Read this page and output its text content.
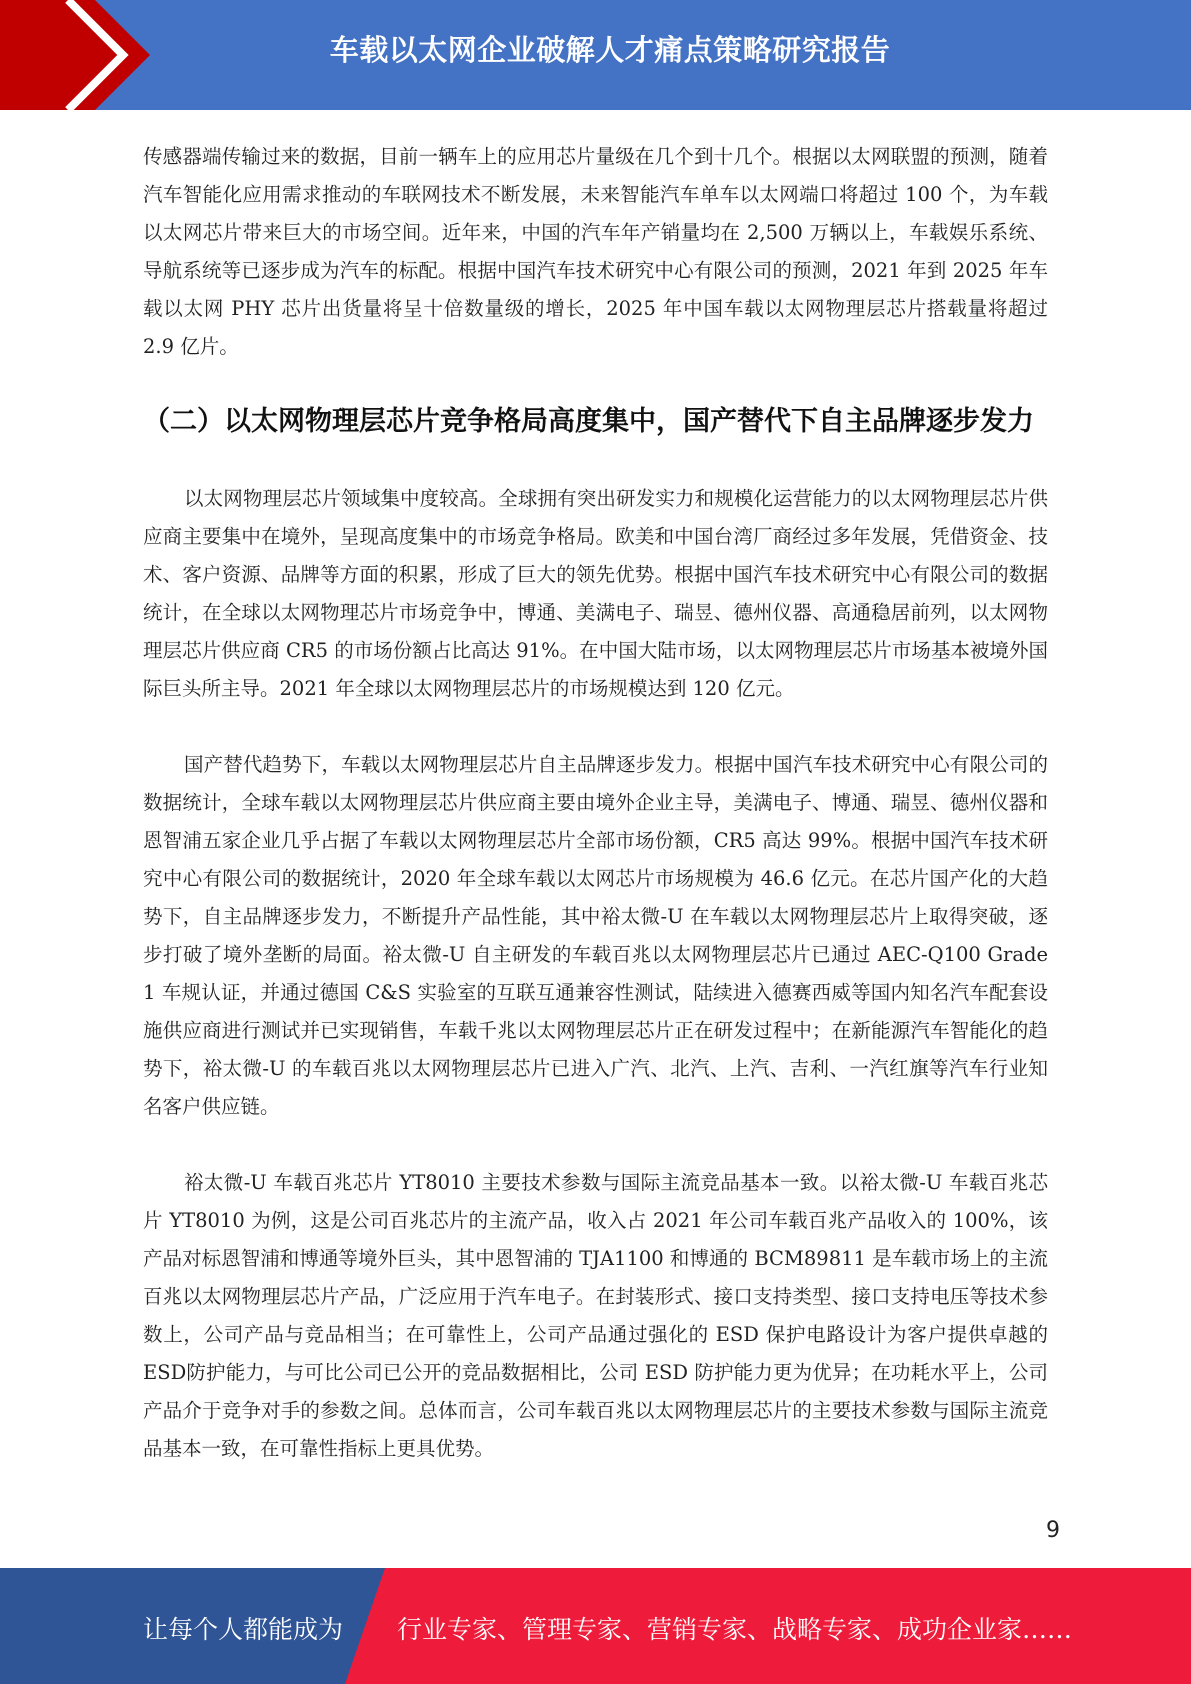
车载以太网企业破解人才痛点策略研究报告

传感器端传输过来的数据，目前一辆车上的应用芯片量级在几个到十几个。根据以太网联盟的预测，随着汽车智能化应用需求推动的车联网技术不断发展，未来智能汽车单车以太网端口将超过 100 个，为车载以太网芯片带来巨大的市场空间。近年来，中国的汽车年产销量均在 2,500 万辆以上，车载娱乐系统、导航系统等已逐步成为汽车的标配。根据中国汽车技术研究中心有限公司的预测，2021 年到 2025 年车载以太网 PHY 芯片出货量将呈十倍数量级的增长，2025 年中国车载以太网物理层芯片搭载量将超过 2.9 亿片。

（二）以太网物理层芯片竞争格局高度集中，国产替代下自主品牌逐步发力

以太网物理层芯片领域集中度较高。全球拥有突出研发实力和规模化运营能力的以太网物理层芯片供应商主要集中在境外，呈现高度集中的市场竞争格局。欧美和中国台湾厂商经过多年发展，凭借资金、技术、客户资源、品牌等方面的积累，形成了巨大的领先优势。根据中国汽车技术研究中心有限公司的数据统计，在全球以太网物理芯片市场竞争中，博通、美满电子、瑞昱、德州仪器、高通稳居前列，以太网物理层芯片供应商 CR5 的市场份额占比高达 91%。在中国大陆市场，以太网物理层芯片市场基本被境外国际巨头所主导。2021 年全球以太网物理层芯片的市场规模达到 120 亿元。

国产替代趋势下，车载以太网物理层芯片自主品牌逐步发力。根据中国汽车技术研究中心有限公司的数据统计，全球车载以太网物理层芯片供应商主要由境外企业主导，美满电子、博通、瑞昱、德州仪器和恩智浦五家企业几乎占据了车载以太网物理层芯片全部市场份额，CR5 高达 99%。根据中国汽车技术研究中心有限公司的数据统计，2020 年全球车载以太网芯片市场规模为 46.6 亿元。在芯片国产化的大趋势下，自主品牌逐步发力，不断提升产品性能，其中裕太微-U 在车载以太网物理层芯片上取得突破，逐步打破了境外垄断的局面。裕太微-U 自主研发的车载百兆以太网物理层芯片已通过 AEC-Q100 Grade 1 车规认证，并通过德国 C&S 实验室的互联互通兼容性测试，陆续进入德赛西威等国内知名汽车配套设施供应商进行测试并已实现销售，车载千兆以太网物理层芯片正在研发过程中；在新能源汽车智能化的趋势下，裕太微-U 的车载百兆以太网物理层芯片已进入广汽、北汽、上汽、吉利、一汽红旗等汽车行业知名客户供应链。

裕太微-U 车载百兆芯片 YT8010 主要技术参数与国际主流竞品基本一致。以裕太微-U 车载百兆芯片 YT8010 为例，这是公司百兆芯片的主流产品，收入占 2021 年公司车载百兆产品收入的 100%，该产品对标恩智浦和博通等境外巨头，其中恩智浦的 TJA1100 和博通的 BCM89811 是车载市场上的主流百兆以太网物理层芯片产品，广泛应用于汽车电子。在封装形式、接口支持类型、接口支持电压等技术参数上，公司产品与竞品相当；在可靠性上，公司产品通过强化的 ESD 保护电路设计为客户提供卓越的ESD防护能力，与可比公司已公开的竞品数据相比，公司 ESD 防护能力更为优异；在功耗水平上，公司产品介于竞争对手的参数之间。总体而言，公司车载百兆以太网物理层芯片的主要技术参数与国际主流竞品基本一致，在可靠性指标上更具优势。

9
让每个人都能成为 行业专家、管理专家、营销专家、战略专家、成功企业家……
